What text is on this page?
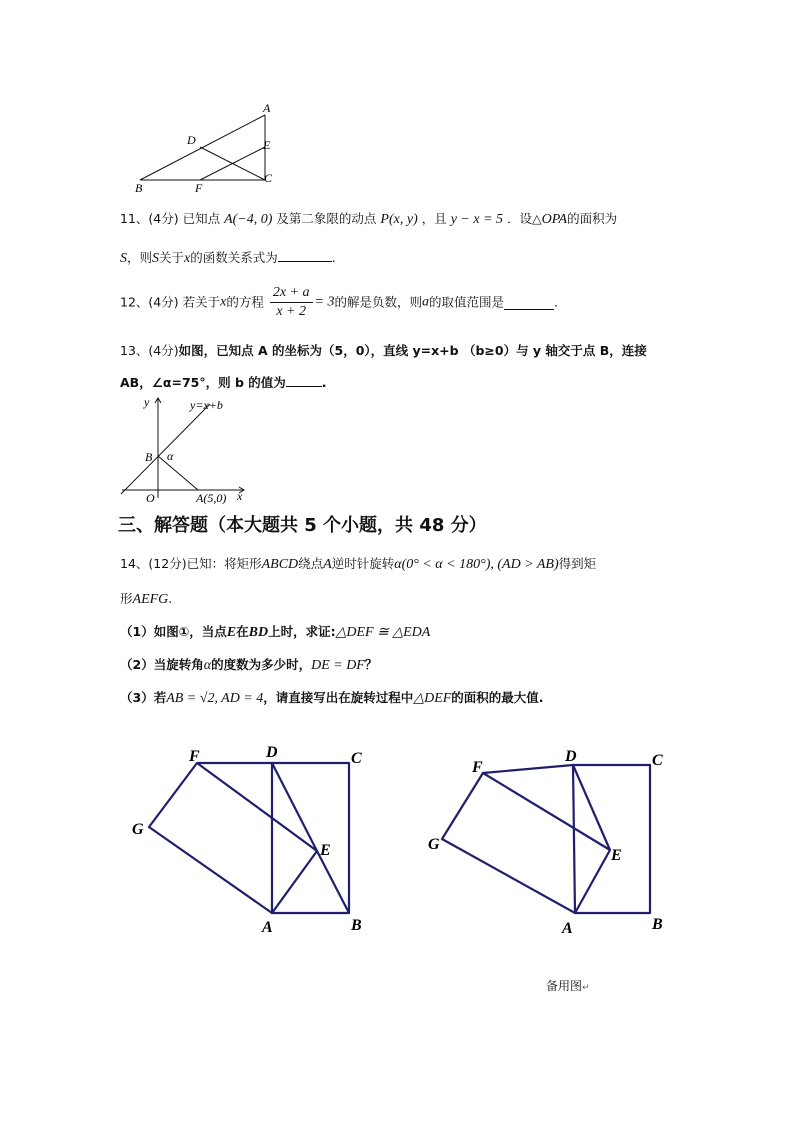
A
D	E
B	F
C
11、(4分) 已知点 A(−4, 0) 及第二象限的动点 P(x, y) ，且 y − x = 5 ．设△OPA的面积为
S，则S关于x的函数关系式为	.
12、(4分) 若关于x的方程 $\frac{2x + a}{x + 2} = 3$的解是负数，则a的取值范围是	.
13、(4分)如图，已知点 A 的坐标为（5，0），直线 y=x+b （b≥0）与 y 轴交于点 B，连接
AB，∠α=75°，则 b 的值为	.
y	y=x+b
B α
O	A(5,0) x
三、解答题（本大题共 5 个小题，共 48 分）
14、(12分)已知：将矩形ABCD绕点A逆时针旋转α(0° < α < 180°), (AD > AB)得到矩
形AEFG.
（1）如图①，当点E在BD上时，求证:△DEF ≅ △EDA
（2）当旋转角α的度数为多少时，DE = DF？
（3）若AB = √2, AD = 4，请直接写出在旋转过程中△DEF的面积的最大值.
F	D	C
G
E
A	B
F
D	C
G
E
A	B
备用图↵
